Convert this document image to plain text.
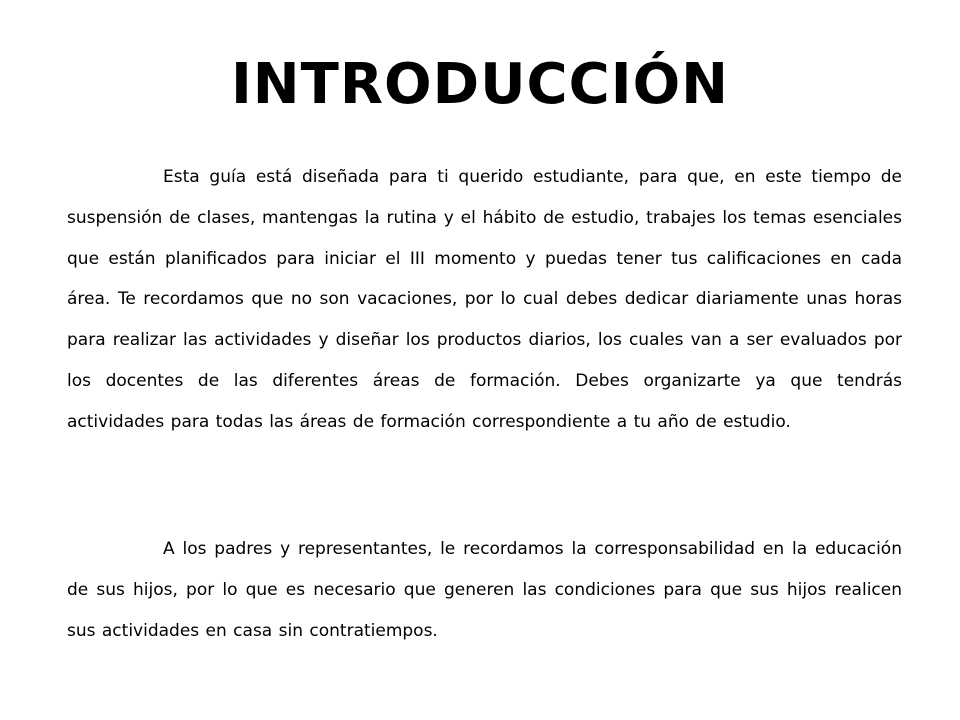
INTRODUCCIÓN

Esta guía está diseñada para ti querido estudiante, para que, en este tiempo de suspensión de clases, mantengas la rutina y el hábito de estudio, trabajes los temas esenciales que están planificados para iniciar el III momento y puedas tener tus calificaciones en cada área. Te recordamos que no son vacaciones, por lo cual debes dedicar diariamente unas horas para realizar las actividades y diseñar los productos diarios, los cuales van a ser evaluados por los docentes de las diferentes áreas de formación. Debes organizarte ya que tendrás actividades para todas las áreas de formación correspondiente a tu año de estudio.

A los padres y representantes, le recordamos la corresponsabilidad en la educación de sus hijos, por lo que es necesario que generen las condiciones para que sus hijos realicen sus actividades en casa sin contratiempos.
